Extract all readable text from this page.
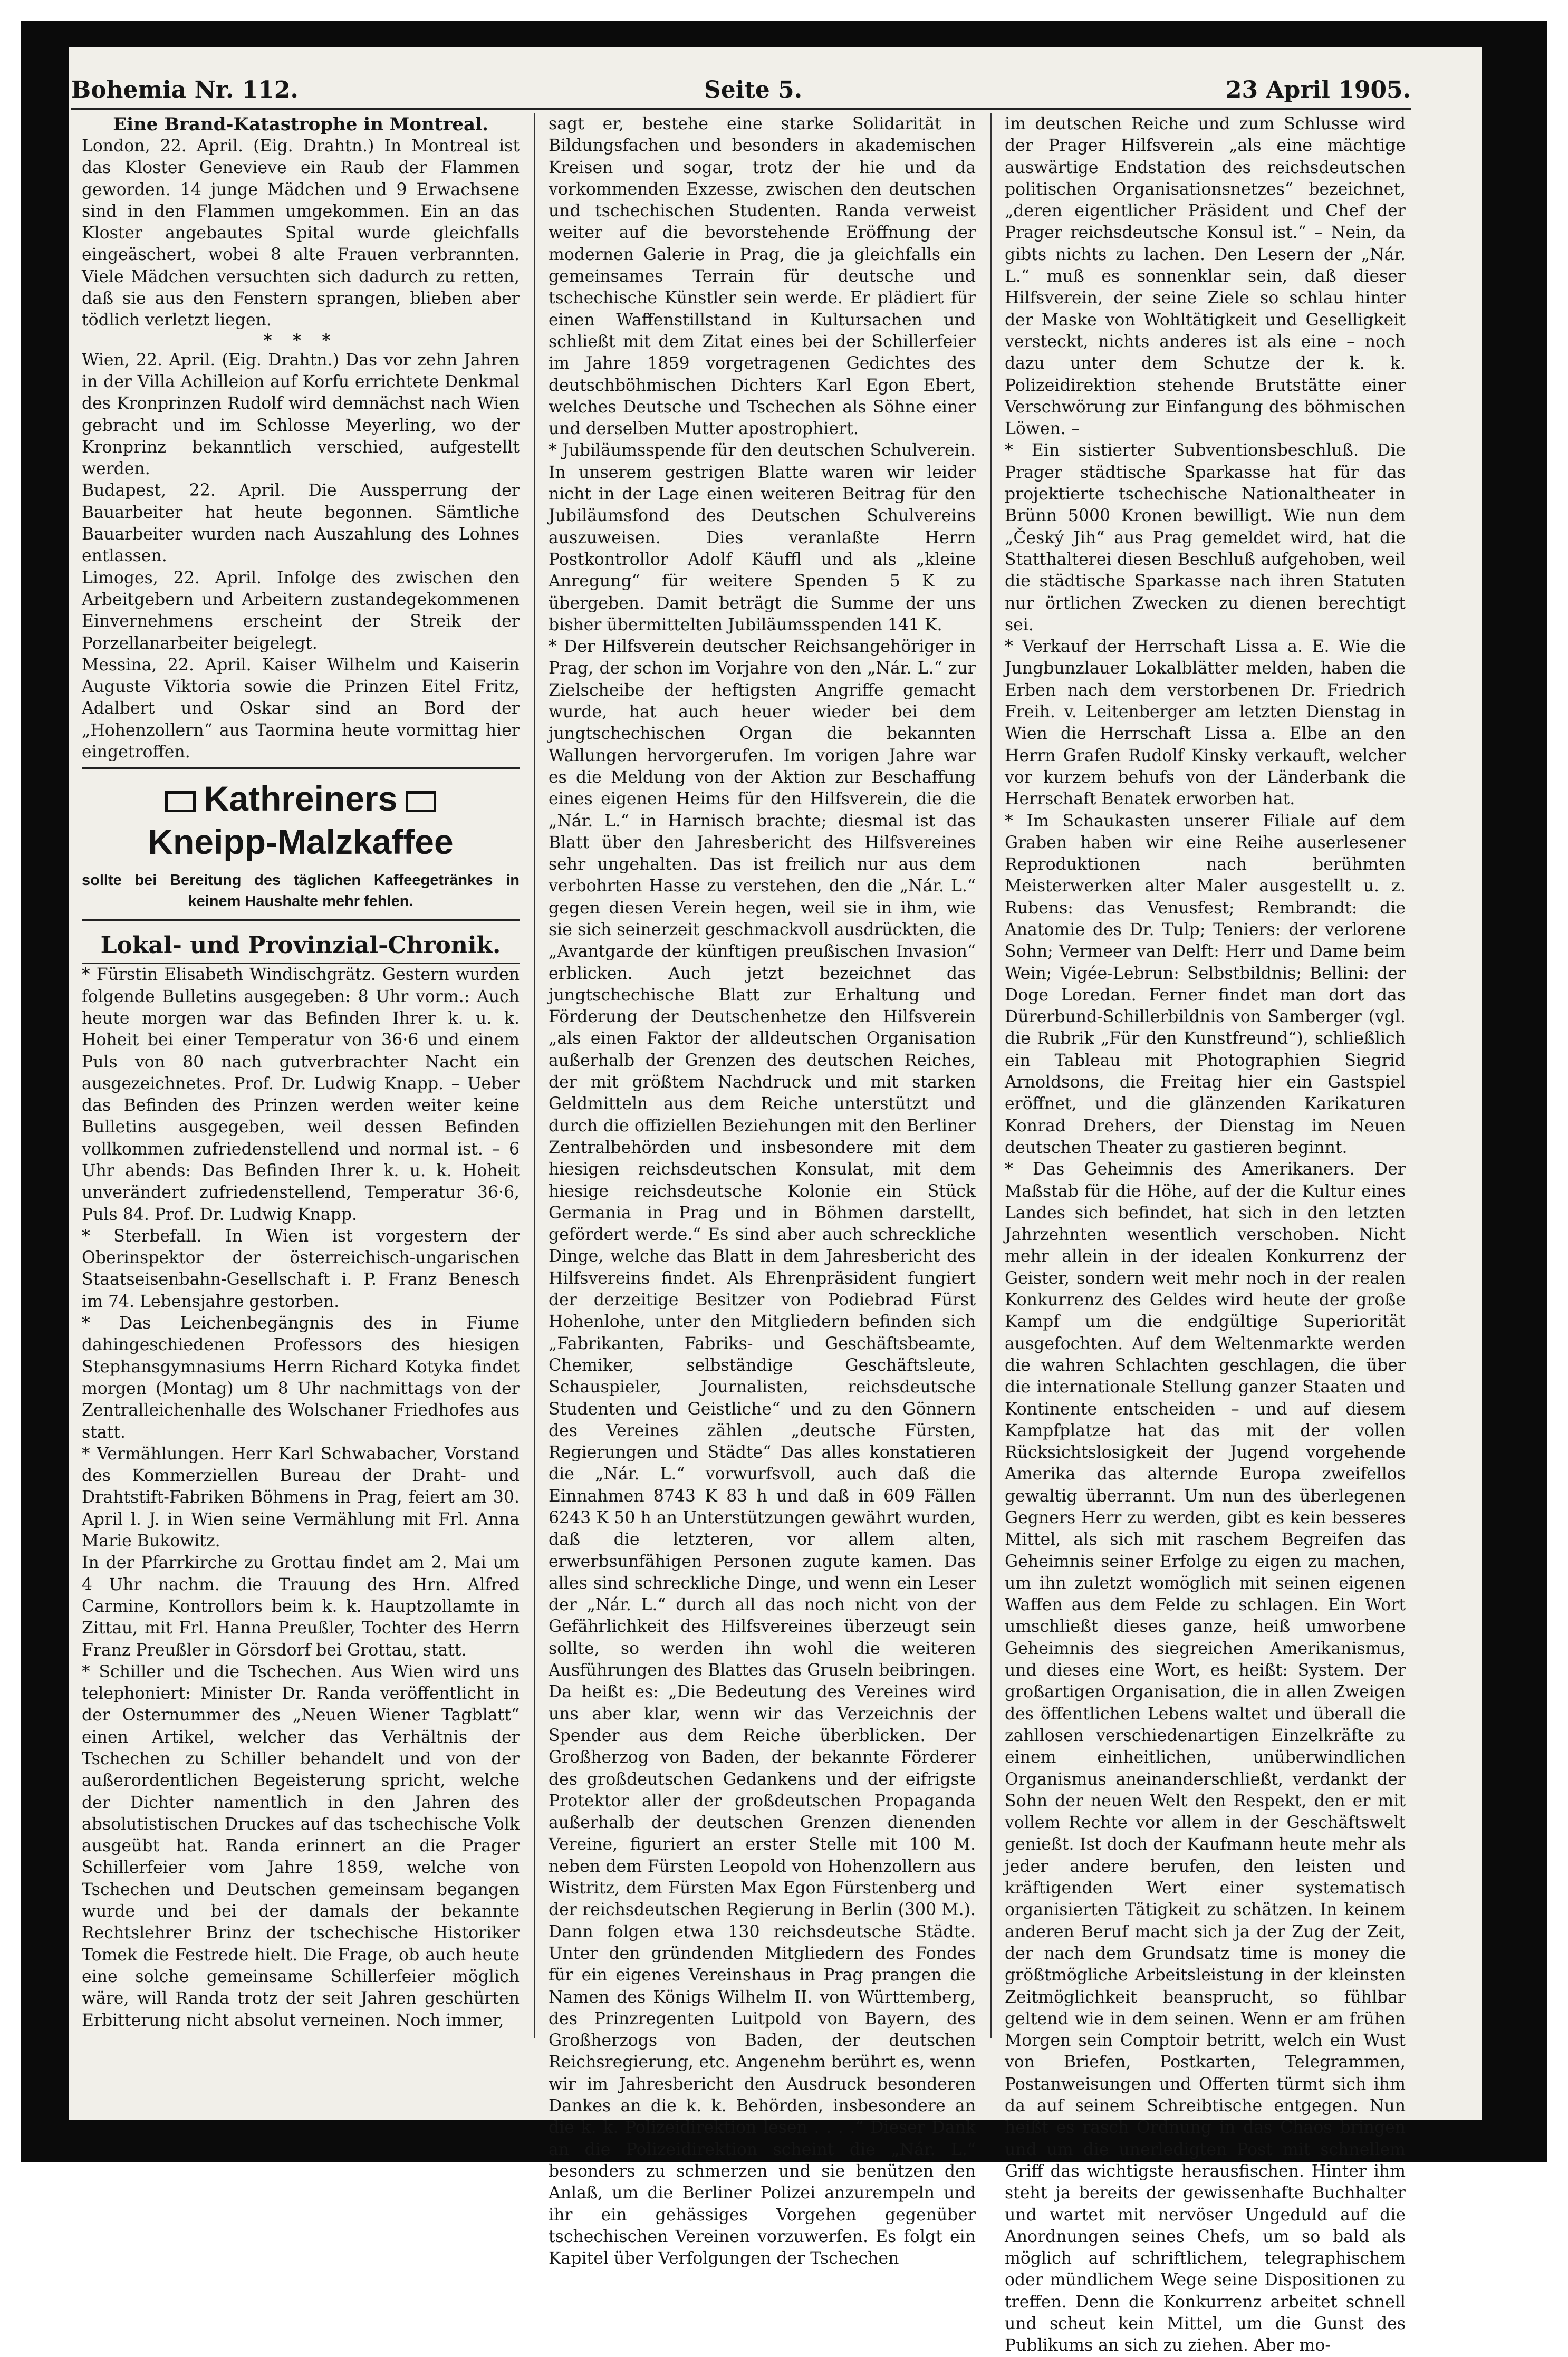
Bohemia Nr. 112.	Seite 5.	23 April 1905.

Eine Brand-Katastrophe in Montreal.

London, 22. April. (Eig. Drahtn.) In Montreal ist das Kloster Genevieve ein Raub der Flammen geworden. 14 junge Mädchen und 9 Erwachsene sind in den Flammen umgekommen. Ein an das Kloster angebautes Spital wurde gleichfalls eingeäschert, wobei 8 alte Frauen verbrannten. Viele Mädchen versuchten sich dadurch zu retten, daß sie aus den Fenstern sprangen, blieben aber tödlich verletzt liegen.

* * *

Wien, 22. April. (Eig. Drahtn.) Das vor zehn Jahren in der Villa Achilleion auf Korfu errichtete Denkmal des Kronprinzen Rudolf wird demnächst nach Wien gebracht und im Schlosse Meyerling, wo der Kronprinz bekanntlich verschied, aufgestellt werden.

Budapest, 22. April. Die Aussperrung der Bauarbeiter hat heute begonnen. Sämtliche Bauarbeiter wurden nach Auszahlung des Lohnes entlassen.

Limoges, 22. April. Infolge des zwischen den Arbeitgebern und Arbeitern zustandegekommenen Einvernehmens erscheint der Streik der Porzellanarbeiter beigelegt.

Messina, 22. April. Kaiser Wilhelm und Kaiserin Auguste Viktoria sowie die Prinzen Eitel Fritz, Adalbert und Oskar sind an Bord der „Hohenzollern“ aus Taormina heute vormittag hier eingetroffen.

Kathreiners
Kneipp-Malzkaffee
sollte bei Bereitung des täglichen Kaffeegetränkes in keinem Haushalte mehr fehlen.

Lokal- und Provinzial-Chronik.

* Fürstin Elisabeth Windischgrätz. Gestern wurden folgende Bulletins ausgegeben: 8 Uhr vorm.: Auch heute morgen war das Befinden Ihrer k. u. k. Hoheit bei einer Temperatur von 36·6 und einem Puls von 80 nach gutverbrachter Nacht ein ausgezeichnetes. Prof. Dr. Ludwig Knapp. – Ueber das Befinden des Prinzen werden weiter keine Bulletins ausgegeben, weil dessen Befinden vollkommen zufriedenstellend und normal ist. – 6 Uhr abends: Das Befinden Ihrer k. u. k. Hoheit unverändert zufriedenstellend, Temperatur 36·6, Puls 84. Prof. Dr. Ludwig Knapp.

* Sterbefall. In Wien ist vorgestern der Oberinspektor der österreichisch-ungarischen Staatseisenbahn-Gesellschaft i. P. Franz Benesch im 74. Lebensjahre gestorben.

* Das Leichenbegängnis des in Fiume dahingeschiedenen Professors des hiesigen Stephansgymnasiums Herrn Richard Kotyka findet morgen (Montag) um 8 Uhr nachmittags von der Zentralleichenhalle des Wolschaner Friedhofes aus statt.

* Vermählungen. Herr Karl Schwabacher, Vorstand des Kommerziellen Bureau der Draht- und Drahtstift-Fabriken Böhmens in Prag, feiert am 30. April l. J. in Wien seine Vermählung mit Frl. Anna Marie Bukowitz.

In der Pfarrkirche zu Grottau findet am 2. Mai um 4 Uhr nachm. die Trauung des Hrn. Alfred Carmine, Kontrollors beim k. k. Hauptzollamte in Zittau, mit Frl. Hanna Preußler, Tochter des Herrn Franz Preußler in Görsdorf bei Grottau, statt.

* Schiller und die Tschechen. Aus Wien wird uns telephoniert: Minister Dr. Randa veröffentlicht in der Osternummer des „Neuen Wiener Tagblatt“ einen Artikel, welcher das Verhältnis der Tschechen zu Schiller behandelt und von der außerordentlichen Begeisterung spricht, welche der Dichter namentlich in den Jahren des absolutistischen Druckes auf das tschechische Volk ausgeübt hat. Randa erinnert an die Prager Schillerfeier vom Jahre 1859, welche von Tschechen und Deutschen gemeinsam begangen wurde und bei der damals der bekannte Rechtslehrer Brinz der tschechische Historiker Tomek die Festrede hielt. Die Frage, ob auch heute eine solche gemeinsame Schillerfeier möglich wäre, will Randa trotz der seit Jahren geschürten Erbitterung nicht absolut verneinen. Noch immer,

sagt er, bestehe eine starke Solidarität in Bildungsfachen und besonders in akademischen Kreisen und sogar, trotz der hie und da vorkommenden Exzesse, zwischen den deutschen und tschechischen Studenten. Randa verweist weiter auf die bevorstehende Eröffnung der modernen Galerie in Prag, die ja gleichfalls ein gemeinsames Terrain für deutsche und tschechische Künstler sein werde. Er plädiert für einen Waffenstillstand in Kultursachen und schließt mit dem Zitat eines bei der Schillerfeier im Jahre 1859 vorgetragenen Gedichtes des deutschböhmischen Dichters Karl Egon Ebert, welches Deutsche und Tschechen als Söhne einer und derselben Mutter apostrophiert.

* Jubiläumsspende für den deutschen Schulverein. In unserem gestrigen Blatte waren wir leider nicht in der Lage einen weiteren Beitrag für den Jubiläumsfond des Deutschen Schulvereins auszuweisen. Dies veranlaßte Herrn Postkontrollor Adolf Käuffl und als „kleine Anregung“ für weitere Spenden 5 K zu übergeben. Damit beträgt die Summe der uns bisher übermittelten Jubiläumsspenden 141 K.

* Der Hilfsverein deutscher Reichsangehöriger in Prag, der schon im Vorjahre von den „Nár. L.“ zur Zielscheibe der heftigsten Angriffe gemacht wurde, hat auch heuer wieder bei dem jungtschechischen Organ die bekannten Wallungen hervorgerufen. Im vorigen Jahre war es die Meldung von der Aktion zur Beschaffung eines eigenen Heims für den Hilfsverein, die die „Nár. L.“ in Harnisch brachte; diesmal ist das Blatt über den Jahresbericht des Hilfsvereines sehr ungehalten. Das ist freilich nur aus dem verbohrten Hasse zu verstehen, den die „Nár. L.“ gegen diesen Verein hegen, weil sie in ihm, wie sie sich seinerzeit geschmackvoll ausdrückten, die „Avantgarde der künftigen preußischen Invasion“ erblicken. Auch jetzt bezeichnet das jungtschechische Blatt zur Erhaltung und Förderung der Deutschenhetze den Hilfsverein „als einen Faktor der alldeutschen Organisation außerhalb der Grenzen des deutschen Reiches, der mit größtem Nachdruck und mit starken Geldmitteln aus dem Reiche unterstützt und durch die offiziellen Beziehungen mit den Berliner Zentralbehörden und insbesondere mit dem hiesigen reichsdeutschen Konsulat, mit dem hiesige reichsdeutsche Kolonie ein Stück Germania in Prag und in Böhmen darstellt, gefördert werde.“ Es sind aber auch schreckliche Dinge, welche das Blatt in dem Jahresbericht des Hilfsvereins findet. Als Ehrenpräsident fungiert der derzeitige Besitzer von Podiebrad Fürst Hohenlohe, unter den Mitgliedern befinden sich „Fabrikanten, Fabriks- und Geschäftsbeamte, Chemiker, selbständige Geschäftsleute, Schauspieler, Journalisten, reichsdeutsche Studenten und Geistliche“ und zu den Gönnern des Vereines zählen „deutsche Fürsten, Regierungen und Städte“ Das alles konstatieren die „Nár. L.“ vorwurfsvoll, auch daß die Einnahmen 8743 K 83 h und daß in 609 Fällen 6243 K 50 h an Unterstützungen gewährt wurden, daß die letzteren, vor allem alten, erwerbsunfähigen Personen zugute kamen. Das alles sind schreckliche Dinge, und wenn ein Leser der „Nár. L.“ durch all das noch nicht von der Gefährlichkeit des Hilfsvereines überzeugt sein sollte, so werden ihn wohl die weiteren Ausführungen des Blattes das Gruseln beibringen. Da heißt es: „Die Bedeutung des Vereines wird uns aber klar, wenn wir das Verzeichnis der Spender aus dem Reiche überblicken. Der Großherzog von Baden, der bekannte Förderer des großdeutschen Gedankens und der eifrigste Protektor aller der großdeutschen Propaganda außerhalb der deutschen Grenzen dienenden Vereine, figuriert an erster Stelle mit 100 M. neben dem Fürsten Leopold von Hohenzollern aus Wistritz, dem Fürsten Max Egon Fürstenberg und der reichsdeutschen Regierung in Berlin (300 M.). Dann folgen etwa 130 reichsdeutsche Städte. Unter den gründenden Mitgliedern des Fondes für ein eigenes Vereinshaus in Prag prangen die Namen des Königs Wilhelm II. von Württemberg, des Prinzregenten Luitpold von Bayern, des Großherzogs von Baden, der deutschen Reichsregierung, etc. Angenehm berührt es, wenn wir im Jahresbericht den Ausdruck besonderen Dankes an die k. k. Behörden, insbesondere an die k. k. Polizeidirektion lesen . . . .“ Dieser Dank an die Polizeidirektion scheint die „Nár. L.“ besonders zu schmerzen und sie benützen den Anlaß, um die Berliner Polizei anzurempeln und ihr ein gehässiges Vorgehen gegenüber tschechischen Vereinen vorzuwerfen. Es folgt ein Kapitel über Verfolgungen der Tschechen

im deutschen Reiche und zum Schlusse wird der Prager Hilfsverein „als eine mächtige auswärtige Endstation des reichsdeutschen politischen Organisationsnetzes“ bezeichnet, „deren eigentlicher Präsident und Chef der Prager reichsdeutsche Konsul ist.“ – Nein, da gibts nichts zu lachen. Den Lesern der „Nár. L.“ muß es sonnenklar sein, daß dieser Hilfsverein, der seine Ziele so schlau hinter der Maske von Wohltätigkeit und Geselligkeit versteckt, nichts anderes ist als eine – noch dazu unter dem Schutze der k. k. Polizeidirektion stehende Brutstätte einer Verschwörung zur Einfangung des böhmischen Löwen. –

* Ein sistierter Subventionsbeschluß. Die Prager städtische Sparkasse hat für das projektierte tschechische Nationaltheater in Brünn 5000 Kronen bewilligt. Wie nun dem „Český Jih“ aus Prag gemeldet wird, hat die Statthalterei diesen Beschluß aufgehoben, weil die städtische Sparkasse nach ihren Statuten nur örtlichen Zwecken zu dienen berechtigt sei.

* Verkauf der Herrschaft Lissa a. E. Wie die Jungbunzlauer Lokalblätter melden, haben die Erben nach dem verstorbenen Dr. Friedrich Freih. v. Leitenberger am letzten Dienstag in Wien die Herrschaft Lissa a. Elbe an den Herrn Grafen Rudolf Kinsky verkauft, welcher vor kurzem behufs von der Länderbank die Herrschaft Benatek erworben hat.

* Im Schaukasten unserer Filiale auf dem Graben haben wir eine Reihe auserlesener Reproduktionen nach berühmten Meisterwerken alter Maler ausgestellt u. z. Rubens: das Venusfest; Rembrandt: die Anatomie des Dr. Tulp; Teniers: der verlorene Sohn; Vermeer van Delft: Herr und Dame beim Wein; Vigée-Lebrun: Selbstbildnis; Bellini: der Doge Loredan. Ferner findet man dort das Dürerbund-Schillerbildnis von Samberger (vgl. die Rubrik „Für den Kunstfreund“), schließlich ein Tableau mit Photographien Siegrid Arnoldsons, die Freitag hier ein Gastspiel eröffnet, und die glänzenden Karikaturen Konrad Drehers, der Dienstag im Neuen deutschen Theater zu gastieren beginnt.

* Das Geheimnis des Amerikaners. Der Maßstab für die Höhe, auf der die Kultur eines Landes sich befindet, hat sich in den letzten Jahrzehnten wesentlich verschoben. Nicht mehr allein in der idealen Konkurrenz der Geister, sondern weit mehr noch in der realen Konkurrenz des Geldes wird heute der große Kampf um die endgültige Superiorität ausgefochten. Auf dem Weltenmarkte werden die wahren Schlachten geschlagen, die über die internationale Stellung ganzer Staaten und Kontinente entscheiden – und auf diesem Kampfplatze hat das mit der vollen Rücksichtslosigkeit der Jugend vorgehende Amerika das alternde Europa zweifellos gewaltig überrannt. Um nun des überlegenen Gegners Herr zu werden, gibt es kein besseres Mittel, als sich mit raschem Begreifen das Geheimnis seiner Erfolge zu eigen zu machen, um ihn zuletzt womöglich mit seinen eigenen Waffen aus dem Felde zu schlagen. Ein Wort umschließt dieses ganze, heiß umworbene Geheimnis des siegreichen Amerikanismus, und dieses eine Wort, es heißt: System. Der großartigen Organisation, die in allen Zweigen des öffentlichen Lebens waltet und überall die zahllosen verschiedenartigen Einzelkräfte zu einem einheitlichen, unüberwindlichen Organismus aneinanderschließt, verdankt der Sohn der neuen Welt den Respekt, den er mit vollem Rechte vor allem in der Geschäftswelt genießt. Ist doch der Kaufmann heute mehr als jeder andere berufen, den leisten und kräftigenden Wert einer systematisch organisierten Tätigkeit zu schätzen. In keinem anderen Beruf macht sich ja der Zug der Zeit, der nach dem Grundsatz time is money die größtmögliche Arbeitsleistung in der kleinsten Zeitmöglichkeit beansprucht, so fühlbar geltend wie in dem seinen. Wenn er am frühen Morgen sein Comptoir betritt, welch ein Wust von Briefen, Postkarten, Telegrammen, Postanweisungen und Offerten türmt sich ihm da auf seinem Schreibtische entgegen. Nun heißt es rasch Ordnung in das Chaos bringen und um die unerledigten Post mit schnellem Griff das wichtigste herausfischen. Hinter ihm steht ja bereits der gewissenhafte Buchhalter und wartet mit nervöser Ungeduld auf die Anordnungen seines Chefs, um so bald als möglich auf schriftlichem, telegraphischem oder mündlichem Wege seine Dispositionen zu treffen. Denn die Konkurrenz arbeitet schnell und scheut kein Mittel, um die Gunst des Publikums an sich zu ziehen. Aber mo-
